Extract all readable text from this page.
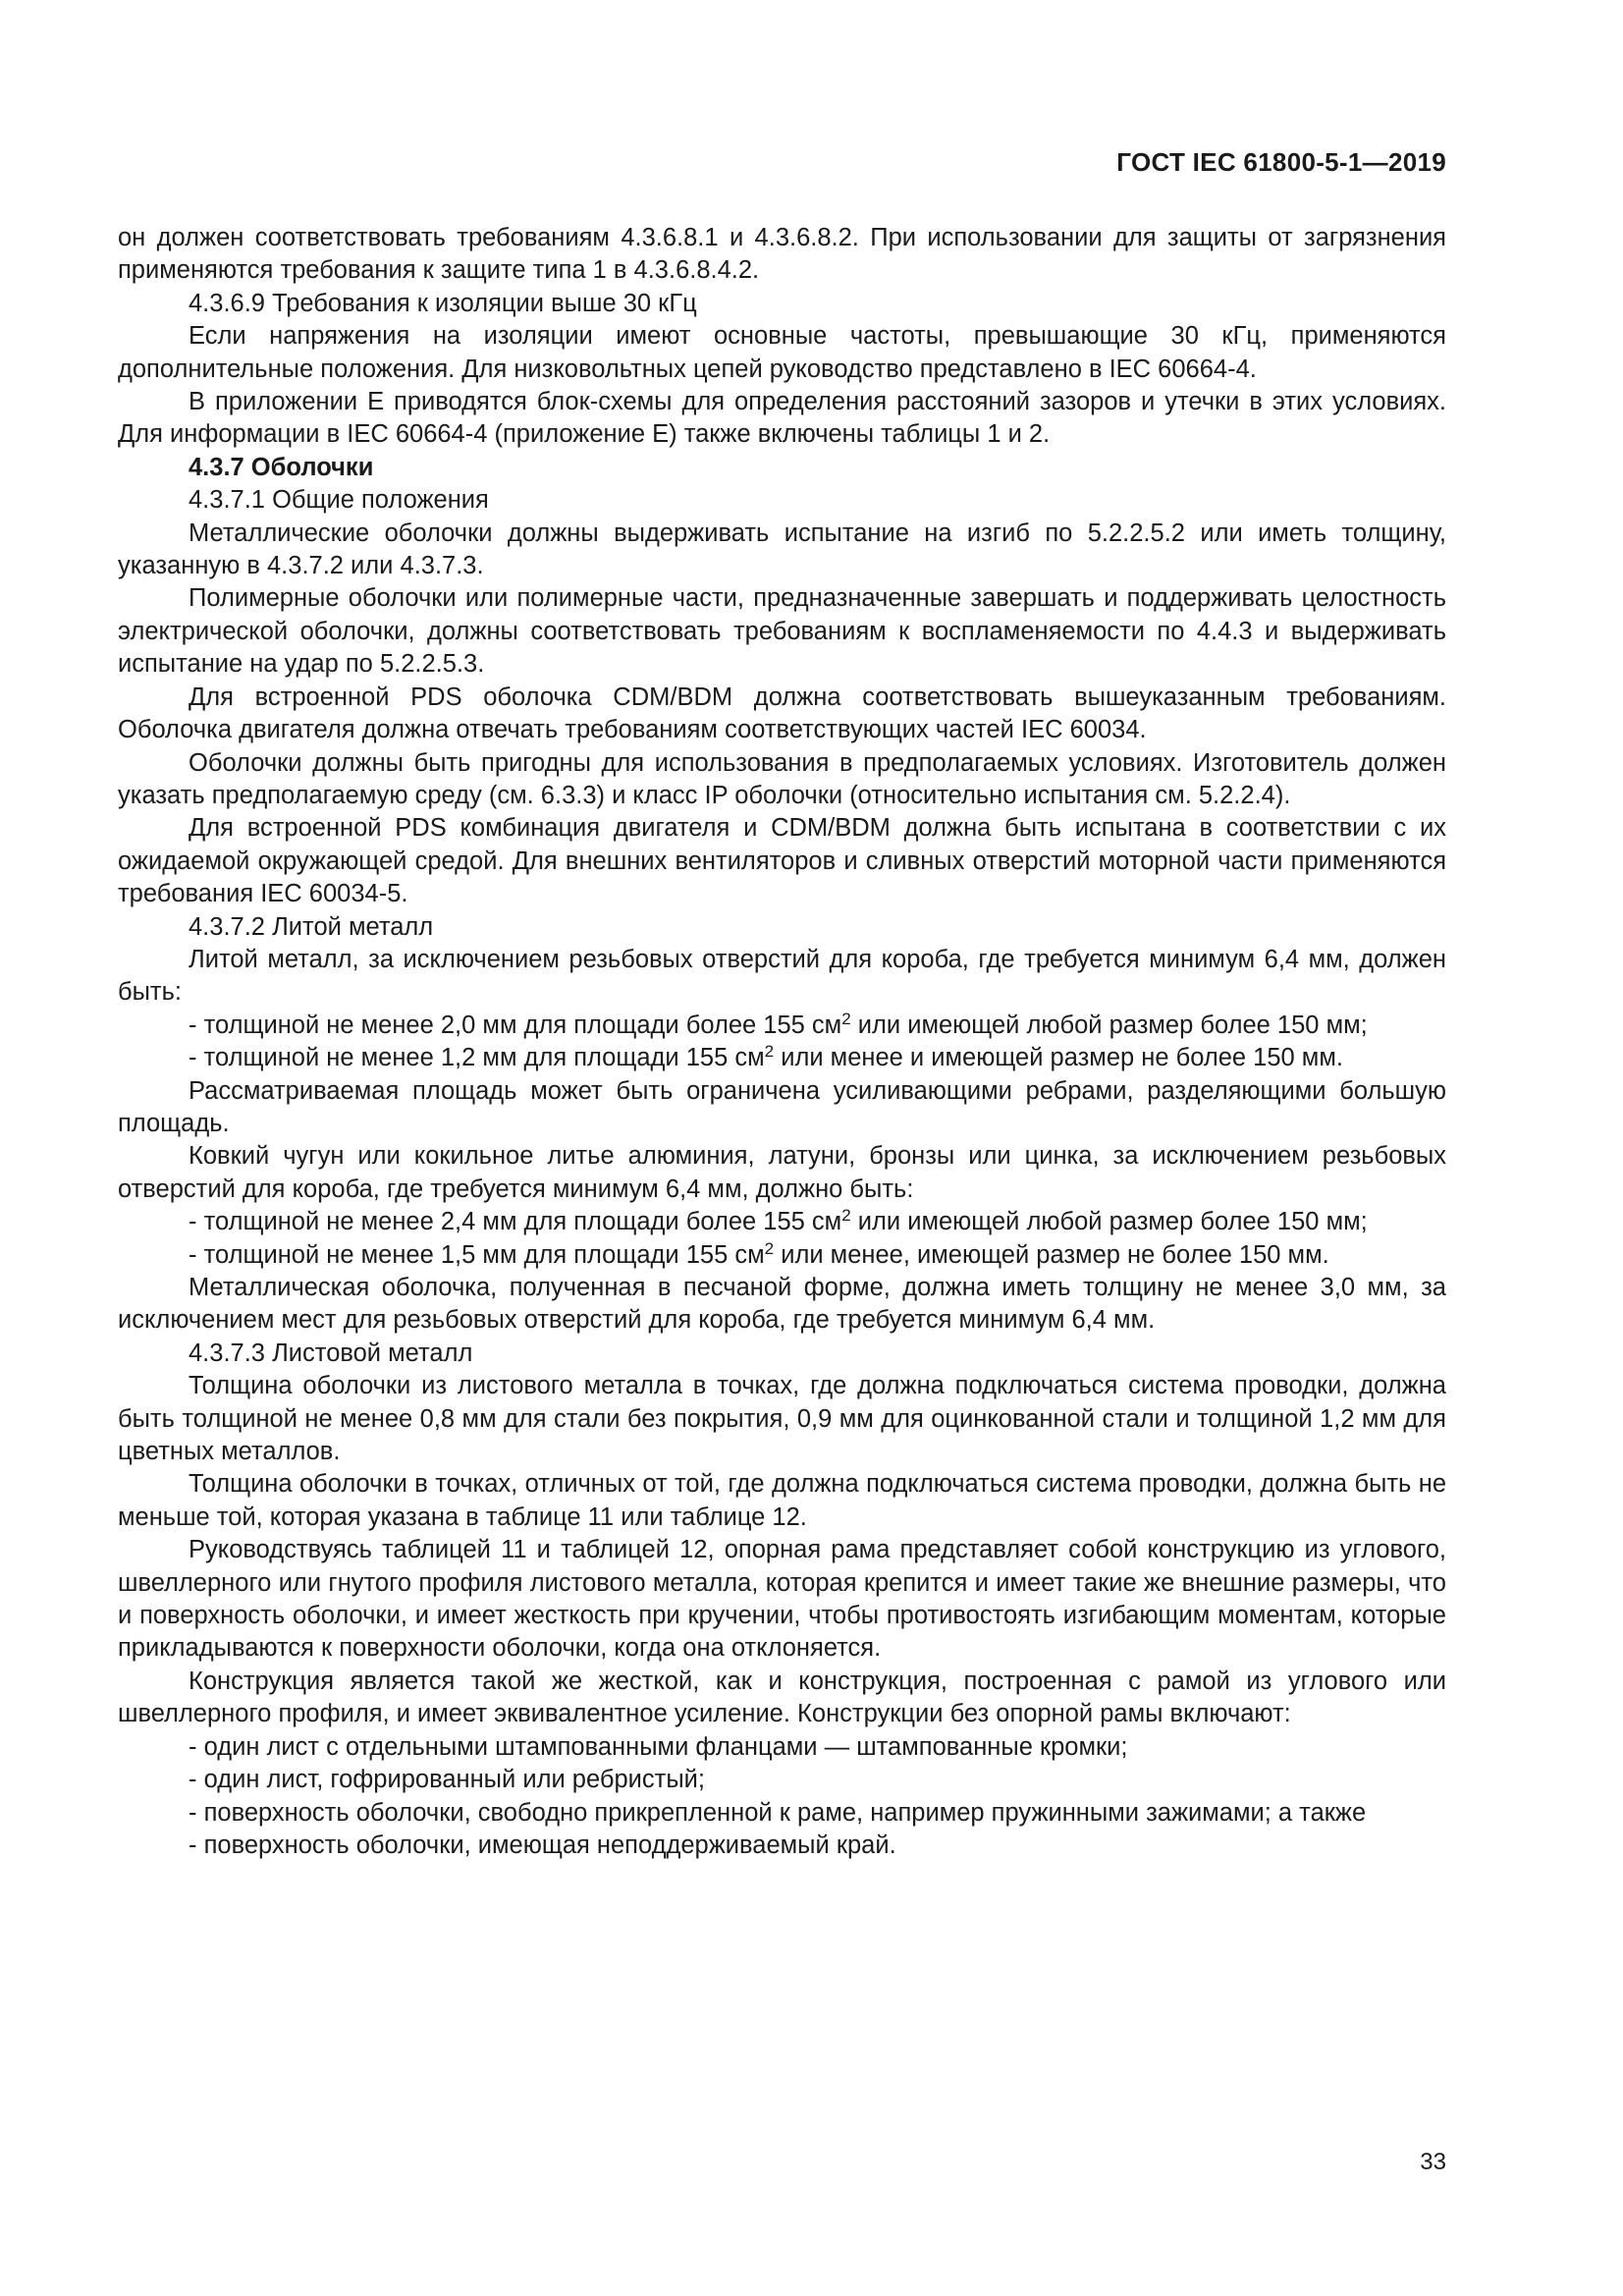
ГОСТ IEC 61800-5-1—2019

он должен соответствовать требованиям 4.3.6.8.1 и 4.3.6.8.2. При использовании для защиты от загрязнения применяются требования к защите типа 1 в 4.3.6.8.4.2.

4.3.6.9 Требования к изоляции выше 30 кГц

Если напряжения на изоляции имеют основные частоты, превышающие 30 кГц, применяются дополнительные положения. Для низковольтных цепей руководство представлено в IEC 60664-4.

В приложении E приводятся блок-схемы для определения расстояний зазоров и утечки в этих условиях. Для информации в IEC 60664-4 (приложение E) также включены таблицы 1 и 2.

4.3.7 Оболочки

4.3.7.1 Общие положения

Металлические оболочки должны выдерживать испытание на изгиб по 5.2.2.5.2 или иметь толщину, указанную в 4.3.7.2 или 4.3.7.3.

Полимерные оболочки или полимерные части, предназначенные завершать и поддерживать целостность электрической оболочки, должны соответствовать требованиям к воспламеняемости по 4.4.3 и выдерживать испытание на удар по 5.2.2.5.3.

Для встроенной PDS оболочка CDM/BDM должна соответствовать вышеуказанным требованиям. Оболочка двигателя должна отвечать требованиям соответствующих частей IEC 60034.

Оболочки должны быть пригодны для использования в предполагаемых условиях. Изготовитель должен указать предполагаемую среду (см. 6.3.3) и класс IP оболочки (относительно испытания см. 5.2.2.4).

Для встроенной PDS комбинация двигателя и CDM/BDM должна быть испытана в соответствии с их ожидаемой окружающей средой. Для внешних вентиляторов и сливных отверстий моторной части применяются требования IEC 60034-5.

4.3.7.2 Литой металл

Литой металл, за исключением резьбовых отверстий для короба, где требуется минимум 6,4 мм, должен быть:

- толщиной не менее 2,0 мм для площади более 155 $см^2$ или имеющей любой размер более 150 мм;

- толщиной не менее 1,2 мм для площади 155 $см^2$ или менее и имеющей размер не более 150 мм.

Рассматриваемая площадь может быть ограничена усиливающими ребрами, разделяющими большую площадь.

Ковкий чугун или кокильное литье алюминия, латуни, бронзы или цинка, за исключением резьбовых отверстий для короба, где требуется минимум 6,4 мм, должно быть:

- толщиной не менее 2,4 мм для площади более 155 $см^2$ или имеющей любой размер более 150 мм;

- толщиной не менее 1,5 мм для площади 155 $см^2$ или менее, имеющей размер не более 150 мм.

Металлическая оболочка, полученная в песчаной форме, должна иметь толщину не менее 3,0 мм, за исключением мест для резьбовых отверстий для короба, где требуется минимум 6,4 мм.

4.3.7.3 Листовой металл

Толщина оболочки из листового металла в точках, где должна подключаться система проводки, должна быть толщиной не менее 0,8 мм для стали без покрытия, 0,9 мм для оцинкованной стали и толщиной 1,2 мм для цветных металлов.

Толщина оболочки в точках, отличных от той, где должна подключаться система проводки, должна быть не меньше той, которая указана в таблице 11 или таблице 12.

Руководствуясь таблицей 11 и таблицей 12, опорная рама представляет собой конструкцию из углового, швеллерного или гнутого профиля листового металла, которая крепится и имеет такие же внешние размеры, что и поверхность оболочки, и имеет жесткость при кручении, чтобы противостоять изгибающим моментам, которые прикладываются к поверхности оболочки, когда она отклоняется.

Конструкция является такой же жесткой, как и конструкция, построенная с рамой из углового или швеллерного профиля, и имеет эквивалентное усиление. Конструкции без опорной рамы включают:

- один лист с отдельными штампованными фланцами — штампованные кромки;

- один лист, гофрированный или ребристый;

- поверхность оболочки, свободно прикрепленной к раме, например пружинными зажимами; а также

- поверхность оболочки, имеющая неподдерживаемый край.

33
